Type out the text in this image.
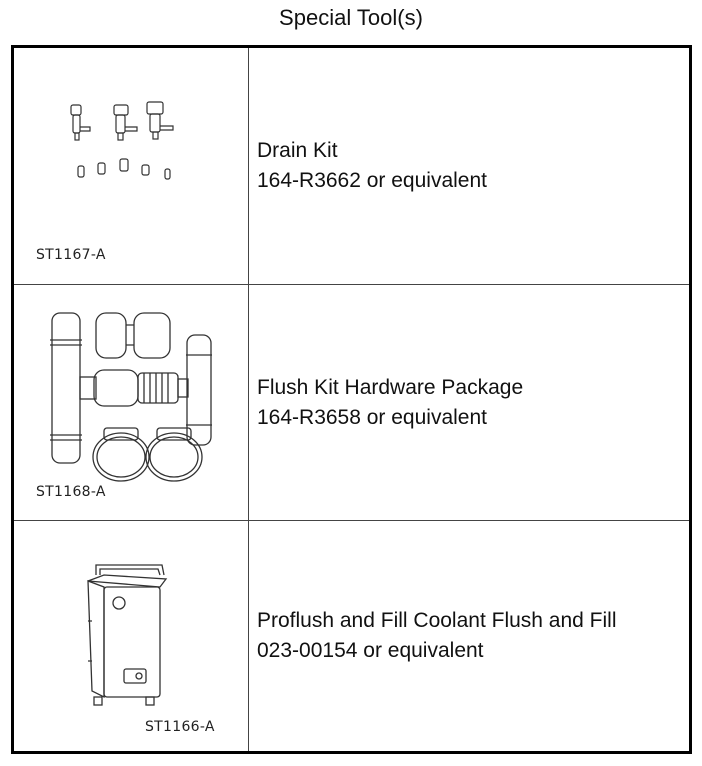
Special Tool(s)
ST1167-A
Drain Kit
164-R3662 or equivalent
ST1168-A
Flush Kit Hardware Package
164-R3658 or equivalent
ST1166-A
Proflush and Fill Coolant Flush and Fill
023-00154 or equivalent
